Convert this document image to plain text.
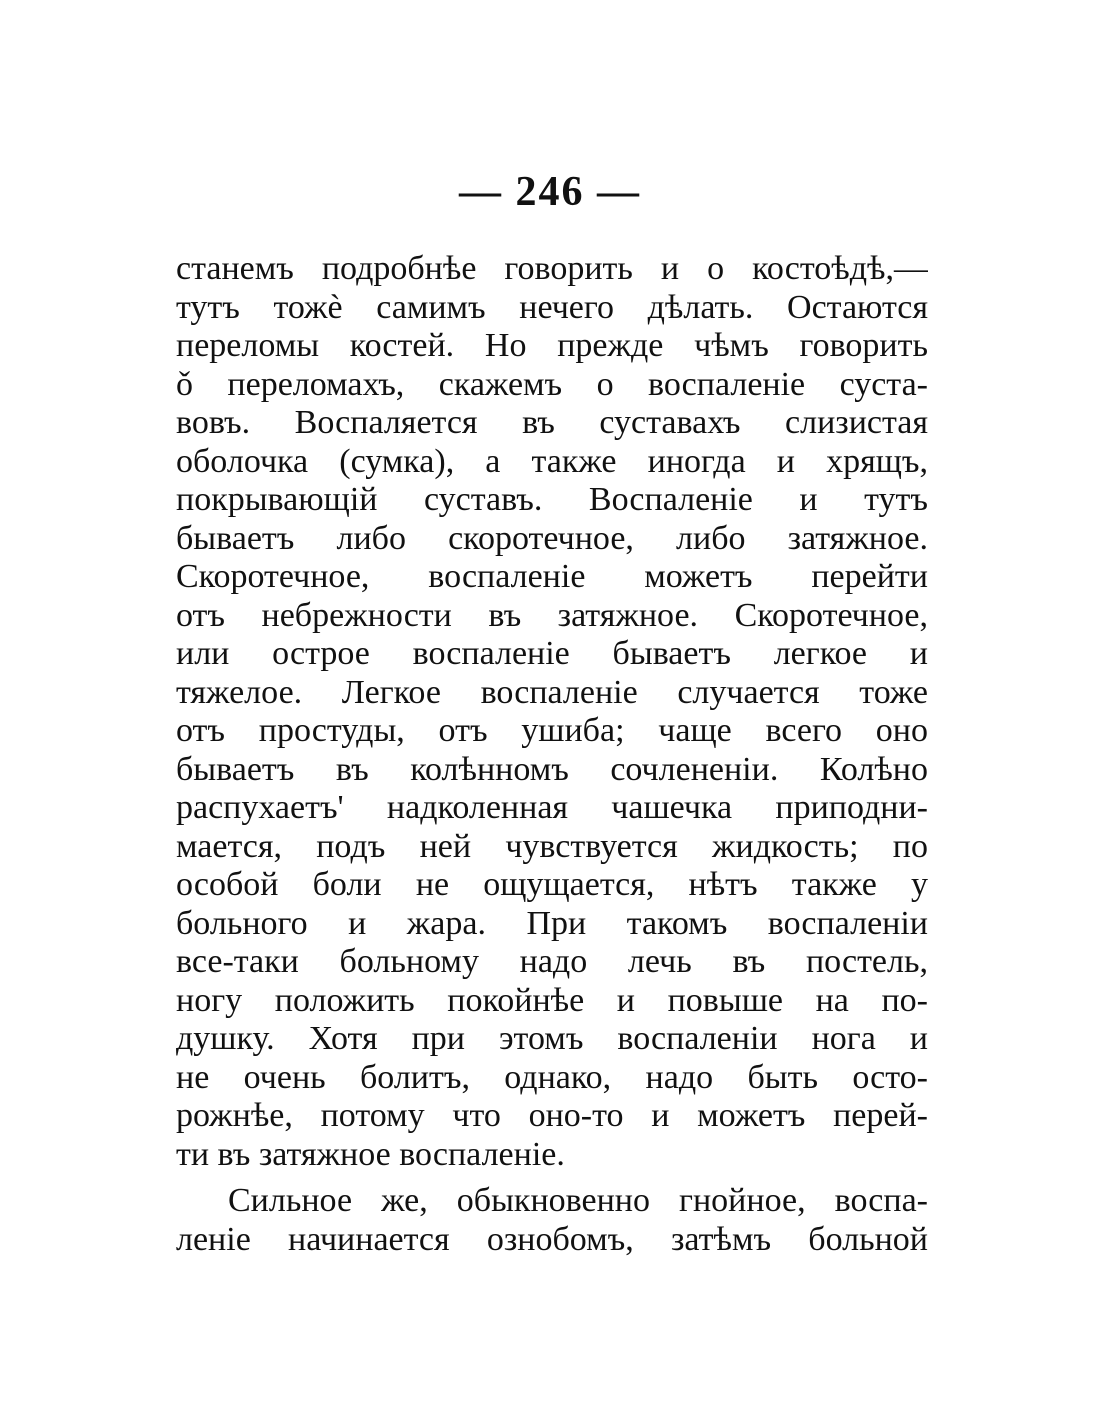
— 246 —
станемъ подробнѣе говорить и о костоѣдѣ,—
тутъ тожѐ самимъ нечего дѣлать. Остаются
переломы костей. Но прежде чѣмъ говорить
ǒ переломахъ, скажемъ о воспаленіе суста-
вовъ. Воспаляется въ суставахъ слизистая
оболочка (сумка), а также иногда и хрящъ,
покрывающій суставъ. Воспаленіе и тутъ
бываетъ либо скоротечное, либо затяжное.
Скоротечное, воспаленіе можетъ перейти
отъ небрежности въ затяжное. Скоротечное,
или острое воспаленіе бываетъ легкое и
тяжелое. Легкое воспаленіе случается тоже
отъ простуды, отъ ушиба; чаще всего оно
бываетъ въ колѣнномъ сочлененіи. Колѣно
распухаетъ' надколенная чашечка приподни-
мается, подъ ней чувствуется жидкость; по
особой боли не ощущается, нѣтъ также у
больного и жара. При такомъ воспаленіи
все-таки больному надо лечь въ постель,
ногу положить покойнѣе и повыше на по-
душку. Хотя при этомъ воспаленіи нога и
не очень болитъ, однако, надо быть осто-
рожнѣе, потому что оно-то и можетъ перей-
ти въ затяжное воспаленіе.
Сильное же, обыкновенно гнойное, воспа-
леніе начинается ознобомъ, затѣмъ больной
